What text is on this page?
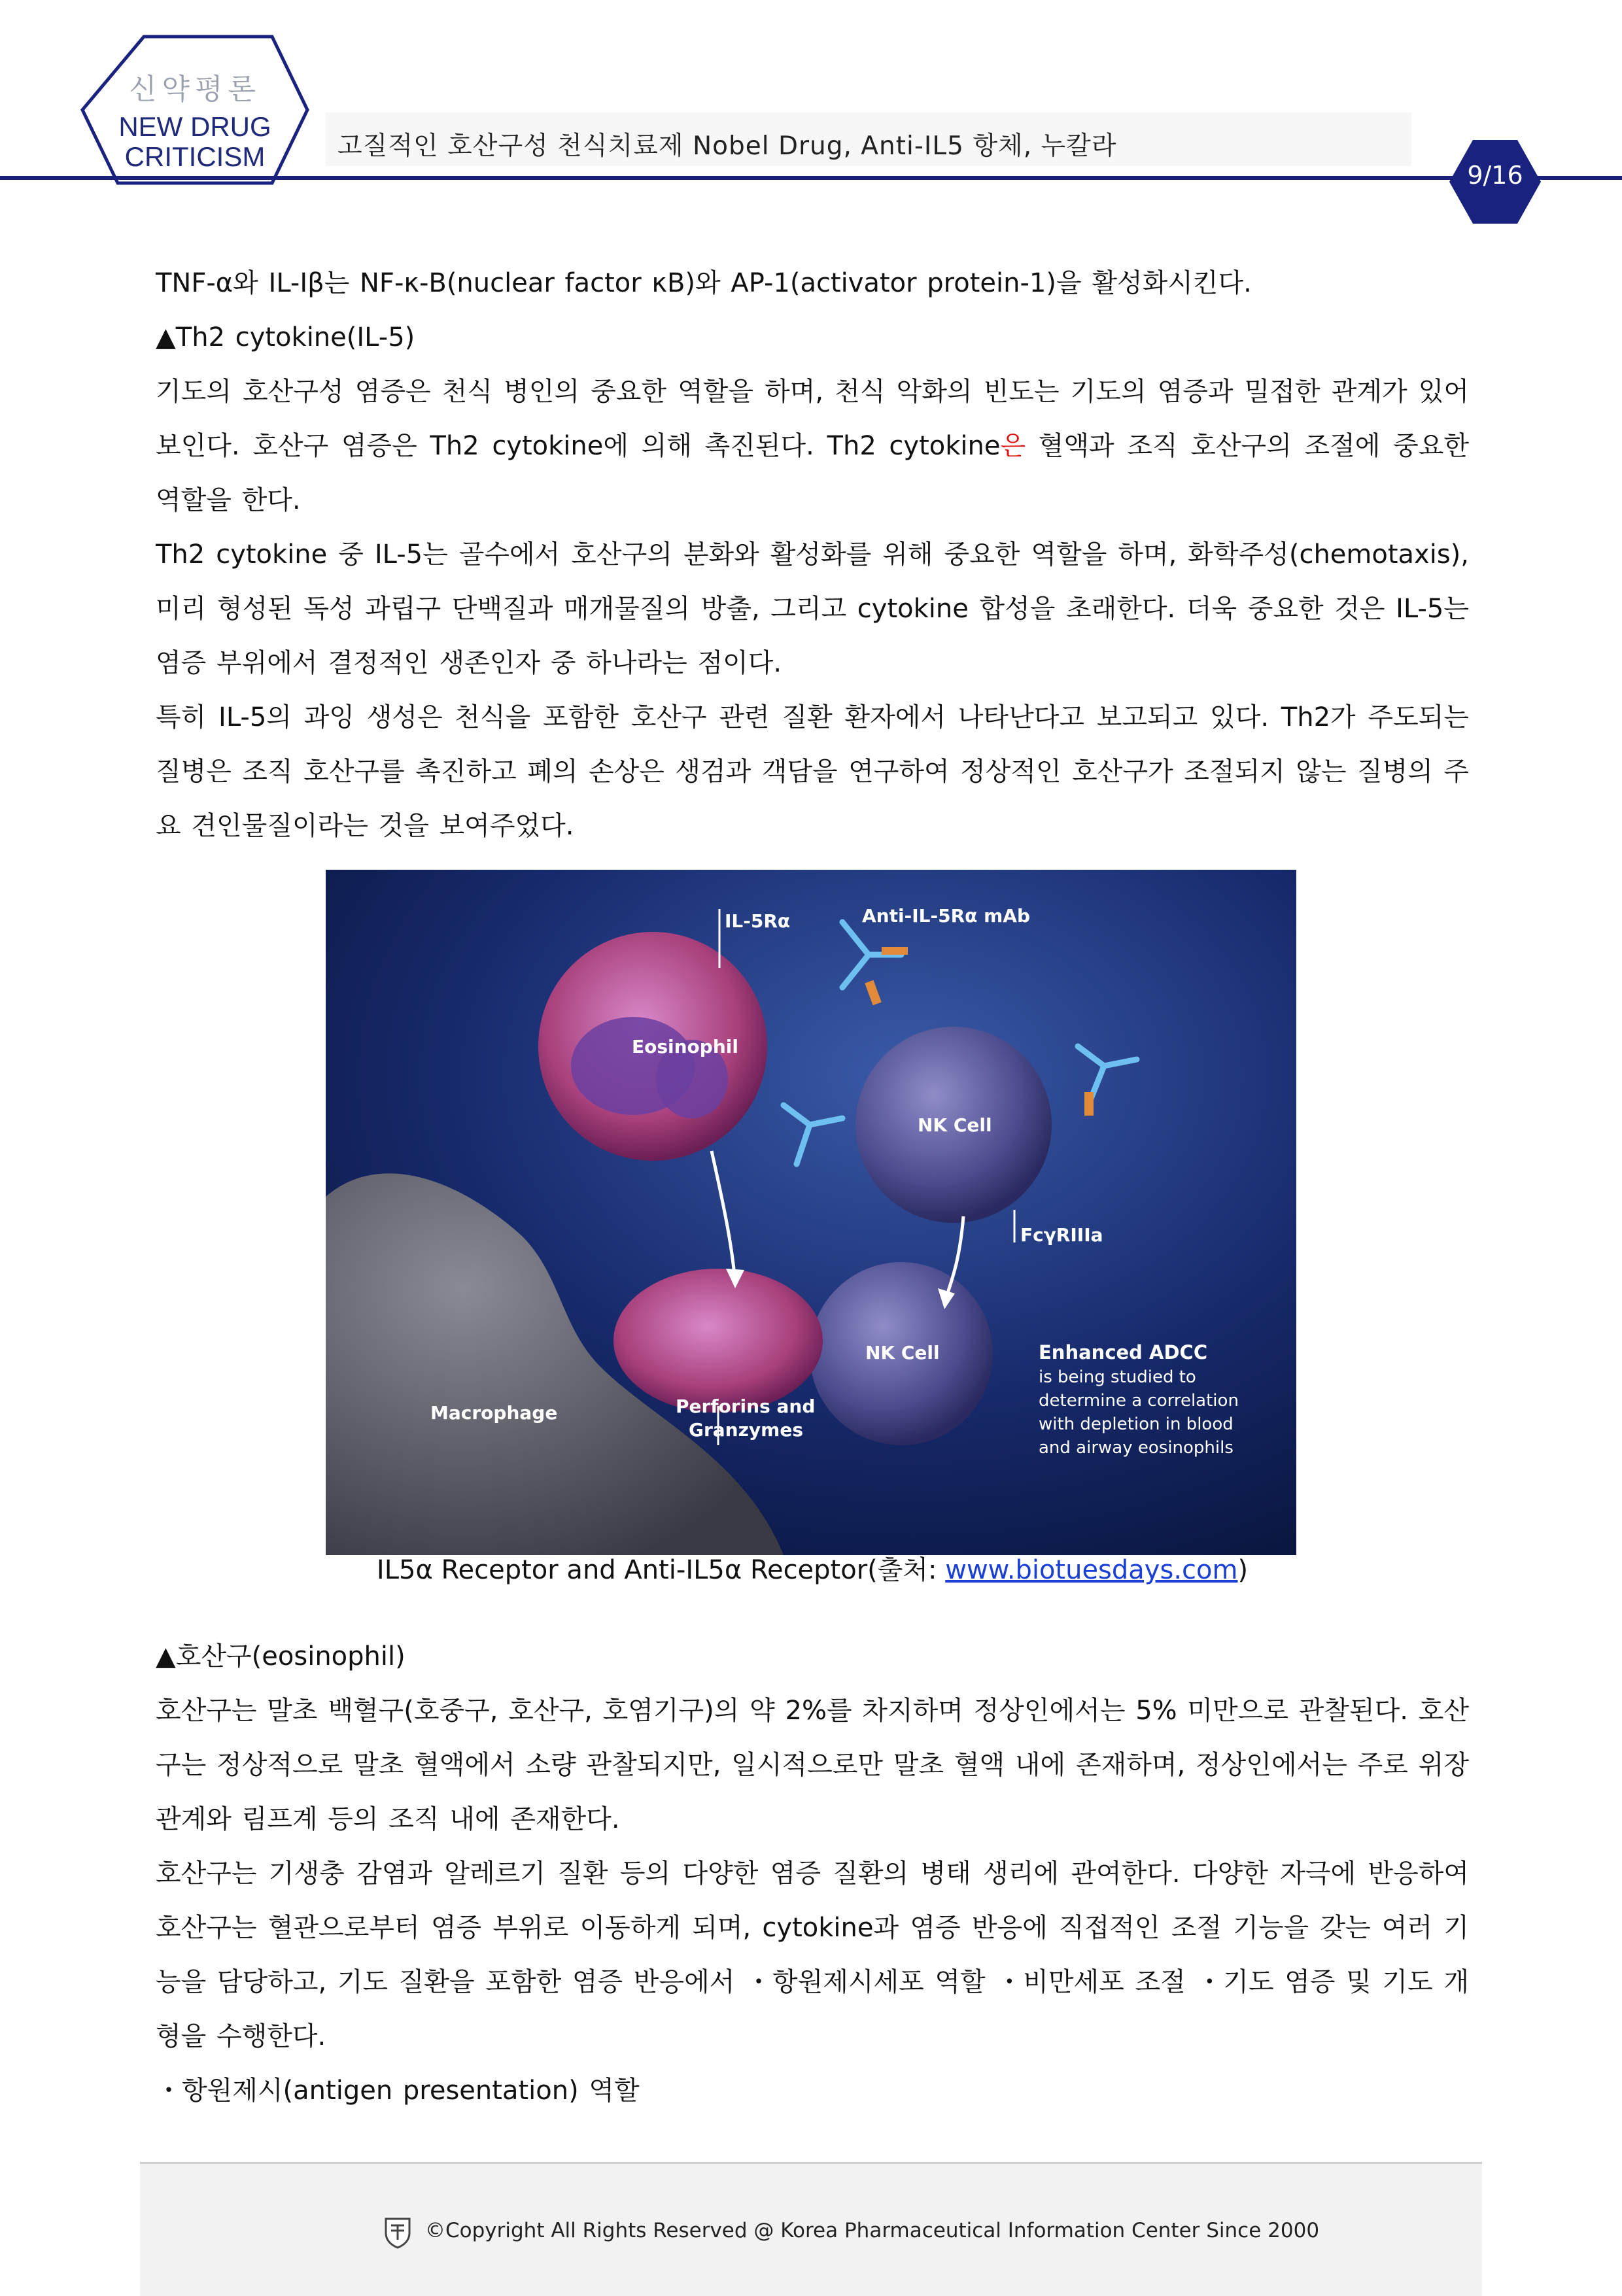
신약평론
NEW DRUG
CRITICISM	고질적인 호산구성 천식치료제 Nobel Drug, Anti-IL5 항체, 누칼라
9/16
TNF-α와 IL-Iβ는 NF-κ-B(nuclear factor κB)와 AP-1(activator protein-1)을 활성화시킨다.
▲Th2 cytokine(IL-5)
기도의 호산구성 염증은 천식 병인의 중요한 역할을 하며, 천식 악화의 빈도는 기도의 염증과 밀접한 관계가 있어 보인다. 호산구 염증은 Th2 cytokine에 의해 촉진된다. Th2 cytokine은 혈액과 조직 호산구의 조절에 중요한 역할을 한다.
Th2 cytokine 중 IL-5는 골수에서 호산구의 분화와 활성화를 위해 중요한 역할을 하며, 화학주성(chemotaxis), 미리 형성된 독성 과립구 단백질과 매개물질의 방출, 그리고 cytokine 합성을 초래한다. 더욱 중요한 것은 IL-5는 염증 부위에서 결정적인 생존인자 중 하나라는 점이다.
특히 IL-5의 과잉 생성은 천식을 포함한 호산구 관련 질환 환자에서 나타난다고 보고되고 있다. Th2가 주도되는 질병은 조직 호산구를 촉진하고 폐의 손상은 생검과 객담을 연구하여 정상적인 호산구가 조절되지 않는 질병의 주요 견인물질이라는 것을 보여주었다.
IL-5Rα	Anti-IL-5Rα mAb
Eosinophil
NK Cell
FcγRIIIa
NK Cell
Macrophage	Perforins and
Granzymes
Enhanced ADCC
is being studied to
determine a correlation
with depletion in blood
and airway eosinophils
IL5α Receptor and Anti-IL5α Receptor(출처: www.biotuesdays.com)
▲호산구(eosinophil)
호산구는 말초 백혈구(호중구, 호산구, 호염기구)의 약 2%를 차지하며 정상인에서는 5% 미만으로 관찰된다. 호산구는 정상적으로 말초 혈액에서 소량 관찰되지만, 일시적으로만 말초 혈액 내에 존재하며, 정상인에서는 주로 위장관계와 림프계 등의 조직 내에 존재한다.
호산구는 기생충 감염과 알레르기 질환 등의 다양한 염증 질환의 병태 생리에 관여한다. 다양한 자극에 반응하여 호산구는 혈관으로부터 염증 부위로 이동하게 되며, cytokine과 염증 반응에 직접적인 조절 기능을 갖는 여러 기능을 담당하고, 기도 질환을 포함한 염증 반응에서 ・항원제시세포 역할 ・비만세포 조절 ・기도 염증 및 기도 개형을 수행한다.
・항원제시(antigen presentation) 역할
©Copyright All Rights Reserved @ Korea Pharmaceutical Information Center Since 2000
